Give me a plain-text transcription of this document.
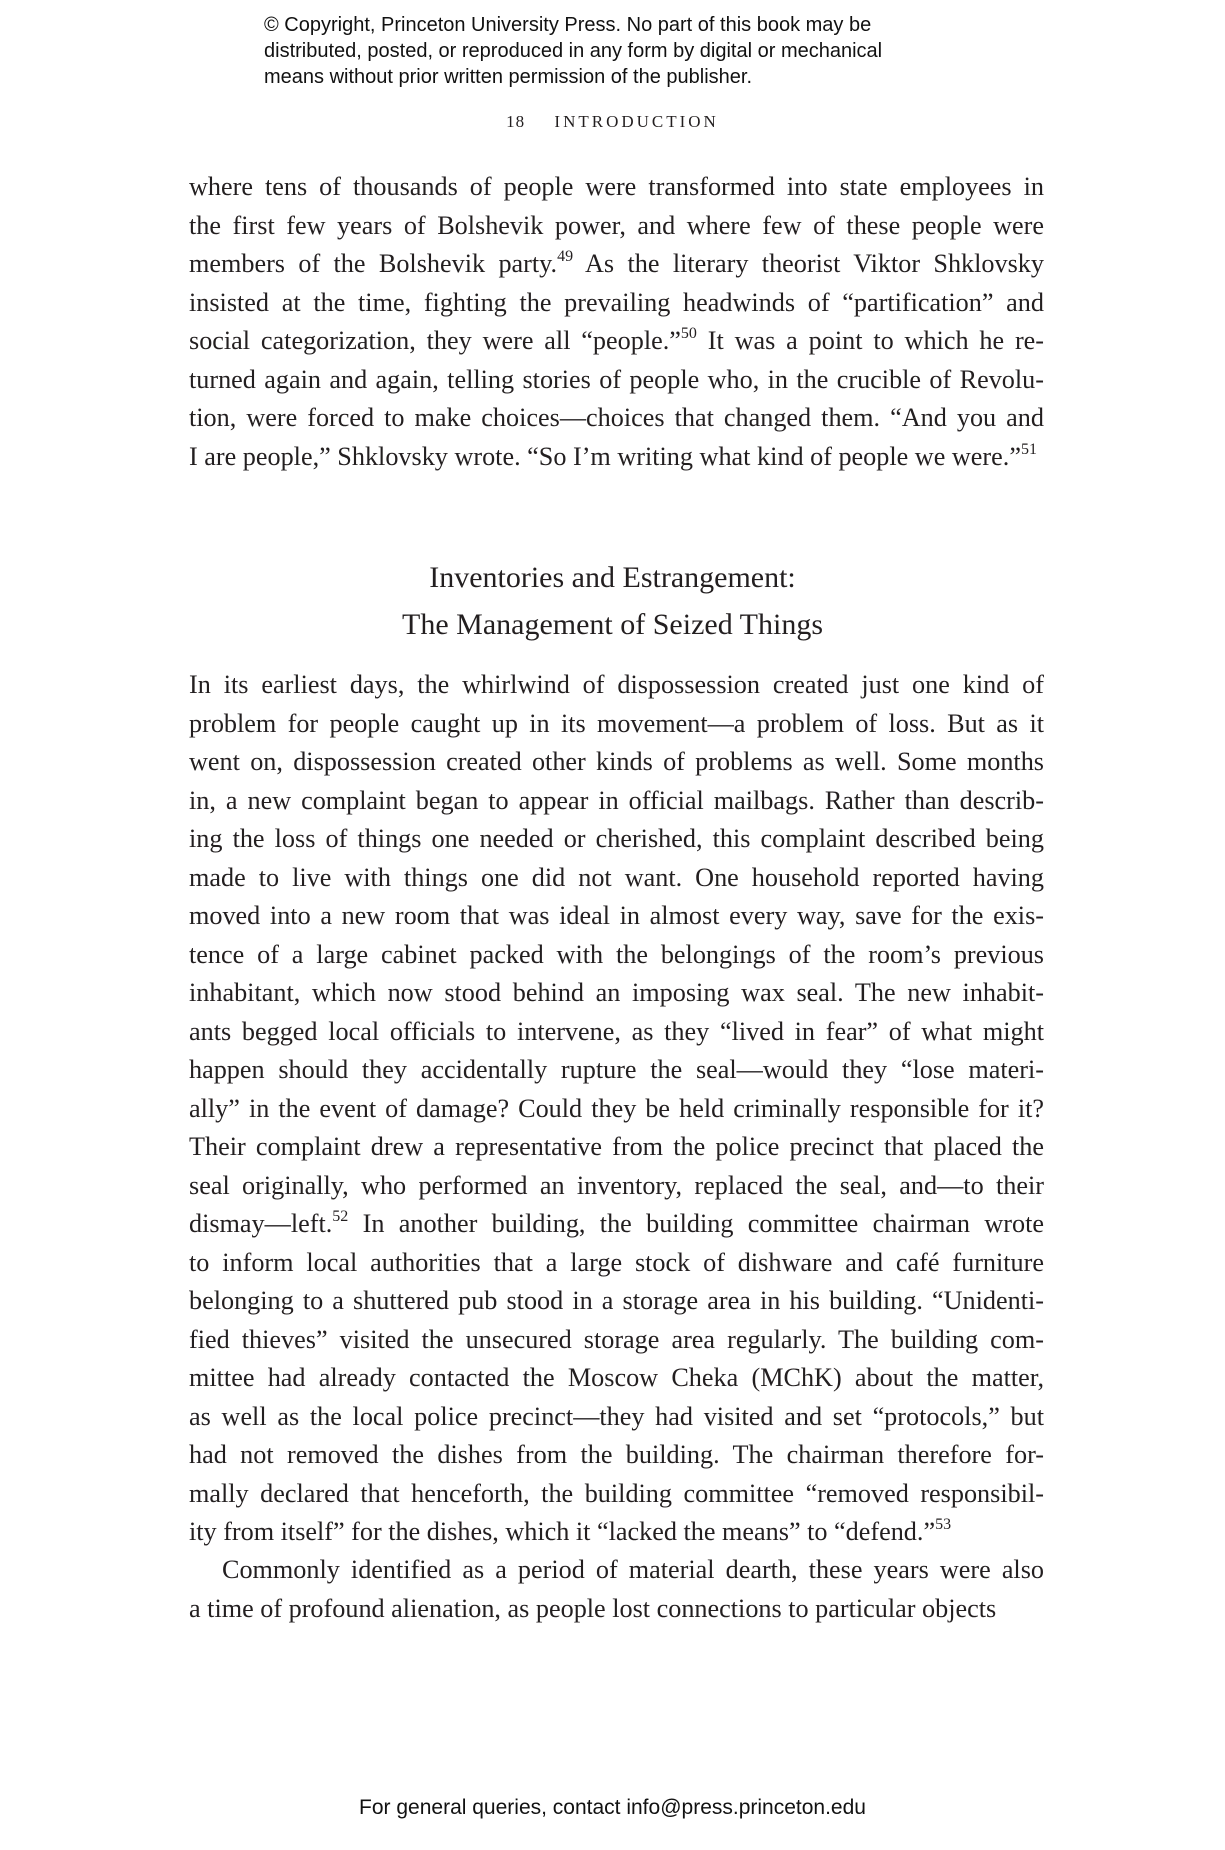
© Copyright, Princeton University Press. No part of this book may be
distributed, posted, or reproduced in any form by digital or mechanical
means without prior written permission of the publisher.
18 INTRODUCTION
where tens of thousands of people were transformed into state employees in
the first few years of Bolshevik power, and where few of these people were
members of the Bolshevik party.$^{49}$ As the literary theorist Viktor Shklovsky
insisted at the time, fighting the prevailing headwinds of “partification” and
social categorization, they were all “people.”$^{50}$ It was a point to which he re-
turned again and again, telling stories of people who, in the crucible of Revolu-
tion, were forced to make choices—choices that changed them. “And you and
I are people,” Shklovsky wrote. “So I’m writing what kind of people we were.”$^{51}$
Inventories and Estrangement:
The Management of Seized Things
In its earliest days, the whirlwind of dispossession created just one kind of
problem for people caught up in its movement—a problem of loss. But as it
went on, dispossession created other kinds of problems as well. Some months
in, a new complaint began to appear in official mailbags. Rather than describ-
ing the loss of things one needed or cherished, this complaint described being
made to live with things one did not want. One household reported having
moved into a new room that was ideal in almost every way, save for the exis-
tence of a large cabinet packed with the belongings of the room’s previous
inhabitant, which now stood behind an imposing wax seal. The new inhabit-
ants begged local officials to intervene, as they “lived in fear” of what might
happen should they accidentally rupture the seal—would they “lose materi-
ally” in the event of damage? Could they be held criminally responsible for it?
Their complaint drew a representative from the police precinct that placed the
seal originally, who performed an inventory, replaced the seal, and—to their
dismay—left.$^{52}$ In another building, the building committee chairman wrote
to inform local authorities that a large stock of dishware and café furniture
belonging to a shuttered pub stood in a storage area in his building. “Unidenti-
fied thieves” visited the unsecured storage area regularly. The building com-
mittee had already contacted the Moscow Cheka (MChK) about the matter,
as well as the local police precinct—they had visited and set “protocols,” but
had not removed the dishes from the building. The chairman therefore for-
mally declared that henceforth, the building committee “removed responsibil-
ity from itself” for the dishes, which it “lacked the means” to “defend.”$^{53}$
Commonly identified as a period of material dearth, these years were also
a time of profound alienation, as people lost connections to particular objects
For general queries, contact info@press.princeton.edu
